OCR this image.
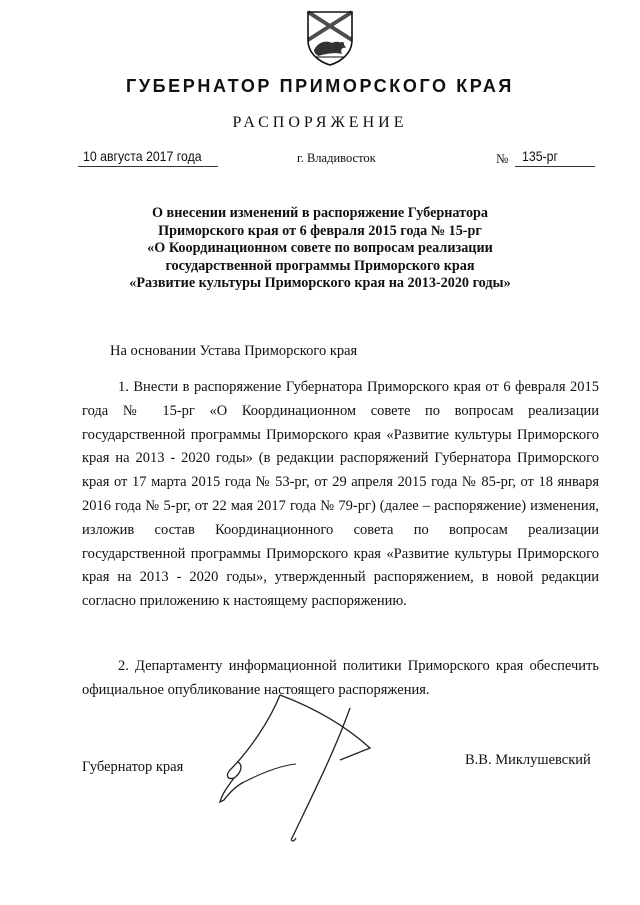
ГУБЕРНАТОР ПРИМОРСКОГО КРАЯ
РАСПОРЯЖЕНИЕ
10 августа 2017 года	г. Владивосток	№ 135-рг
О внесении изменений в распоряжение Губернатора
Приморского края от 6 февраля 2015 года № 15-рг
«О Координационном совете по вопросам реализации
государственной программы Приморского края
«Развитие культуры Приморского края на 2013-2020 годы»
На основании Устава Приморского края
1. Внести в распоряжение Губернатора Приморского края от 6 февраля 2015 года № 15-рг «О Координационном совете по вопросам реализации государственной программы Приморского края «Развитие культуры Приморского края на 2013 - 2020 годы» (в редакции распоряжений Губернатора Приморского края от 17 марта 2015 года № 53-рг, от 29 апреля 2015 года № 85-рг, от 18 января 2016 года № 5-рг, от 22 мая 2017 года № 79-рг) (далее – распоряжение) изменения, изложив состав Координационного совета по вопросам реализации государственной программы Приморского края «Развитие культуры Приморского края на 2013 - 2020 годы», утвержденный распоряжением, в новой редакции согласно приложению к настоящему распоряжению.
2. Департаменту информационной политики Приморского края обеспечить официальное опубликование настоящего распоряжения.
Губернатор края	В.В. Миклушевский
